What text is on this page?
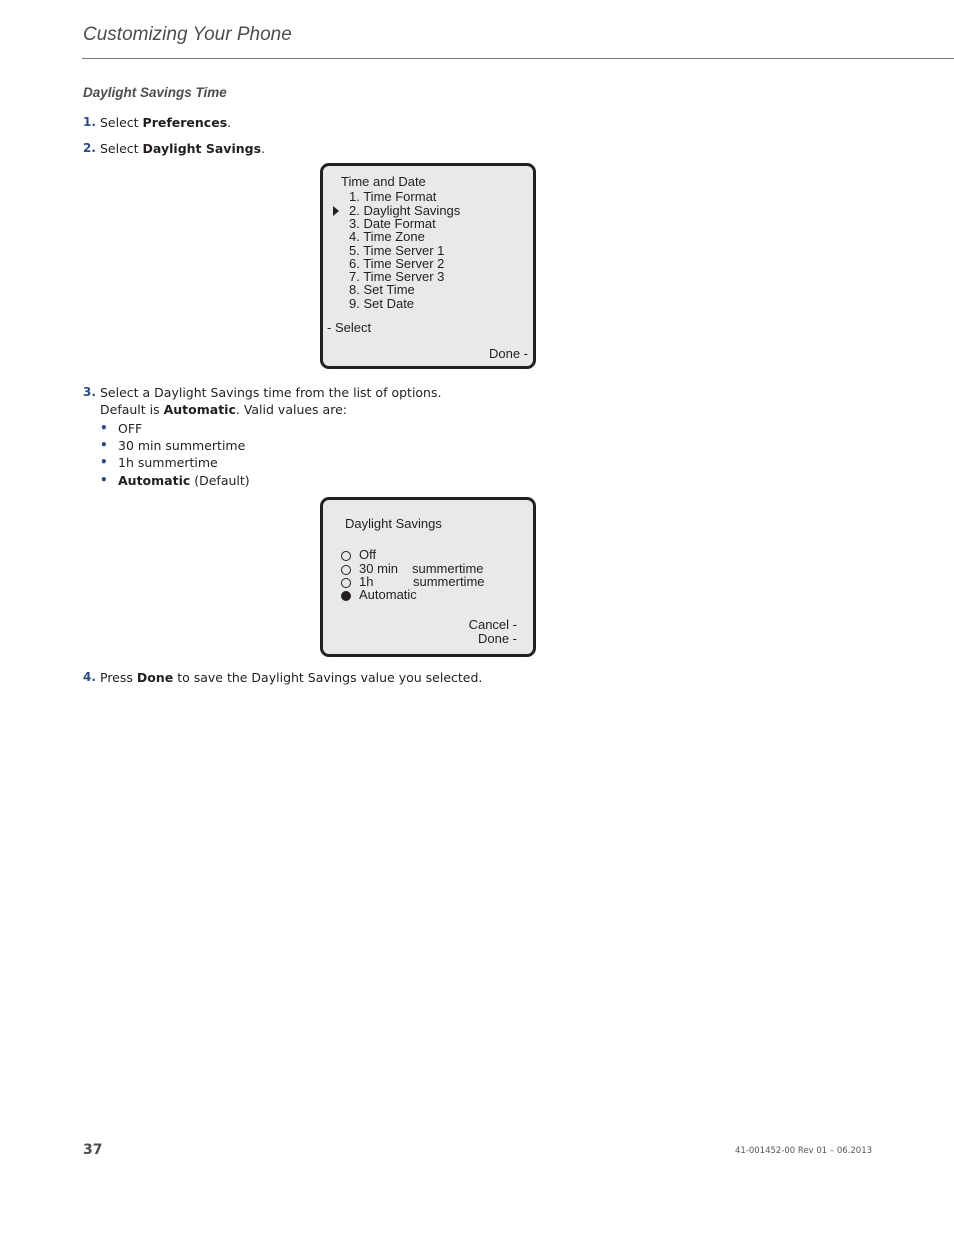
Customizing Your Phone
Daylight Savings Time
1. Select Preferences.
2. Select Daylight Savings.
Time and Date
1. Time Format
2. Daylight Savings
3. Date Format
4. Time Zone
5. Time Server 1
6. Time Server 2
7. Time Server 3
8. Set Time
9. Set Date
- Select
Done -
3. Select a Daylight Savings time from the list of options.
Default is Automatic. Valid values are:
• OFF
• 30 min summertime
• 1h summertime
• Automatic (Default)
Daylight Savings
Off
30 min summertime
1h	summertime
Automatic
Cancel -
Done -
4. Press Done to save the Daylight Savings value you selected.
37	41-001452-00 Rev 01 – 06.2013
